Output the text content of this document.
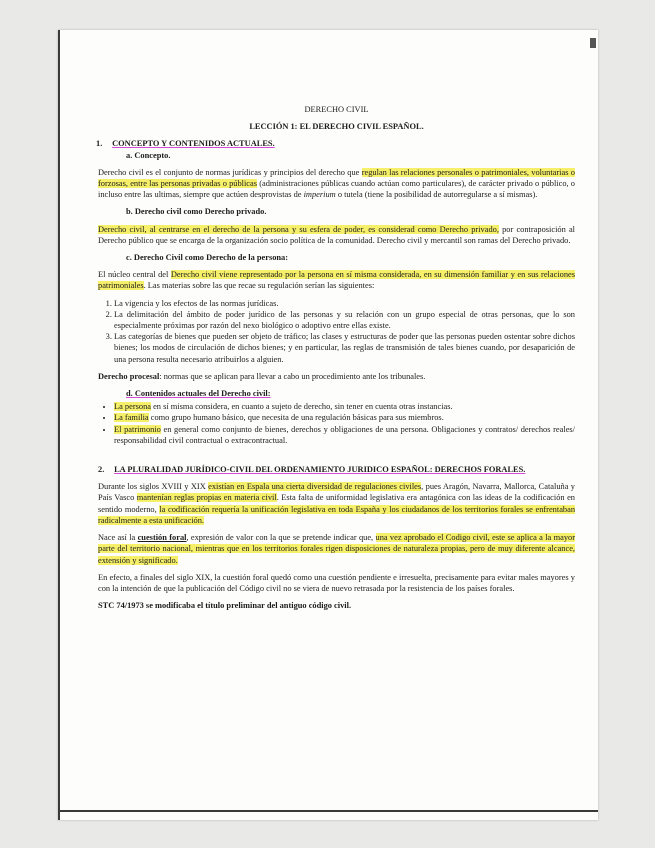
DERECHO CIVIL
LECCIÓN 1: EL DERECHO CIVIL ESPAÑOL.
1. CONCEPTO Y CONTENIDOS ACTUALES.
a. Concepto.

Derecho civil es el conjunto de normas jurídicas y principios del derecho que regulan las relaciones personales o patrimoniales, voluntarias o forzosas, entre las personas privadas o públicas (administraciones públicas cuando actúan como particulares), de carácter privado o público, o incluso entre las ultimas, siempre que actúen desprovistas de imperium o tutela (tiene la posibilidad de autorregularse a sí mismas).

b. Derecho civil como Derecho privado.

Derecho civil, al centrarse en el derecho de la persona y su esfera de poder, es considerad como Derecho privado, por contraposición al Derecho público que se encarga de la organización socio política de la comunidad. Derecho civil y mercantil son ramas del Derecho privado.

c. Derecho Civil como Derecho de la persona:

El núcleo central del Derecho civil viene representado por la persona en sí misma considerada, en su dimensión familiar y en sus relaciones patrimoniales. Las materias sobre las que recae su regulación serían las siguientes:

1. La vigencia y los efectos de las normas jurídicas.
2. La delimitación del ámbito de poder jurídico de las personas y su relación con un grupo especial de otras personas, que lo son especialmente próximas por razón del nexo biológico o adoptivo entre ellas existe.
3. Las categorías de bienes que pueden ser objeto de tráfico; las clases y estructuras de poder que las personas pueden ostentar sobre dichos bienes; los modos de circulación de dichos bienes; y en particular, las reglas de transmisión de tales bienes cuando, por desaparición de una persona resulta necesario atribuirlos a alguien.

Derecho procesal: normas que se aplican para llevar a cabo un procedimiento ante los tribunales.

d. Contenidos actuales del Derecho civil:
• La persona en sí misma considera, en cuanto a sujeto de derecho, sin tener en cuenta otras instancias.
• La familia como grupo humano básico, que necesita de una regulación básicas para sus miembros.
• El patrimonio en general como conjunto de bienes, derechos y obligaciones de una persona. Obligaciones y contratos/ derechos reales/ responsabilidad civil contractual o extracontractual.
2. LA PLURALIDAD JURÍDICO-CIVIL DEL ORDENAMIENTO JURIDICO ESPAÑOL: DERECHOS FORALES.

Durante los siglos XVIII y XIX existían en Espala una cierta diversidad de regulaciones civiles, pues Aragón, Navarra, Mallorca, Cataluña y País Vasco mantenían reglas propias en materia civil. Esta falta de uniformidad legislativa era antagónica con las ideas de la codificación en sentido moderno, la codificación requería la unificación legislativa en toda España y los ciudadanos de los territorios forales se enfrentaban radicalmente a esta unificación.

Nace así la cuestión foral, expresión de valor con la que se pretende indicar que, una vez aprobado el Codigo civil, este se aplica a la mayor parte del territorio nacional, mientras que en los territorios forales rigen disposiciones de naturaleza propias, pero de muy diferente alcance, extensión y significado.

En efecto, a finales del siglo XIX, la cuestión foral quedó como una cuestión pendiente e irresuelta, precisamente para evitar males mayores y con la intención de que la publicación del Código civil no se viera de nuevo retrasada por la resistencia de los países forales.

STC 74/1973 se modificaba el título preliminar del antiguo código civil.
